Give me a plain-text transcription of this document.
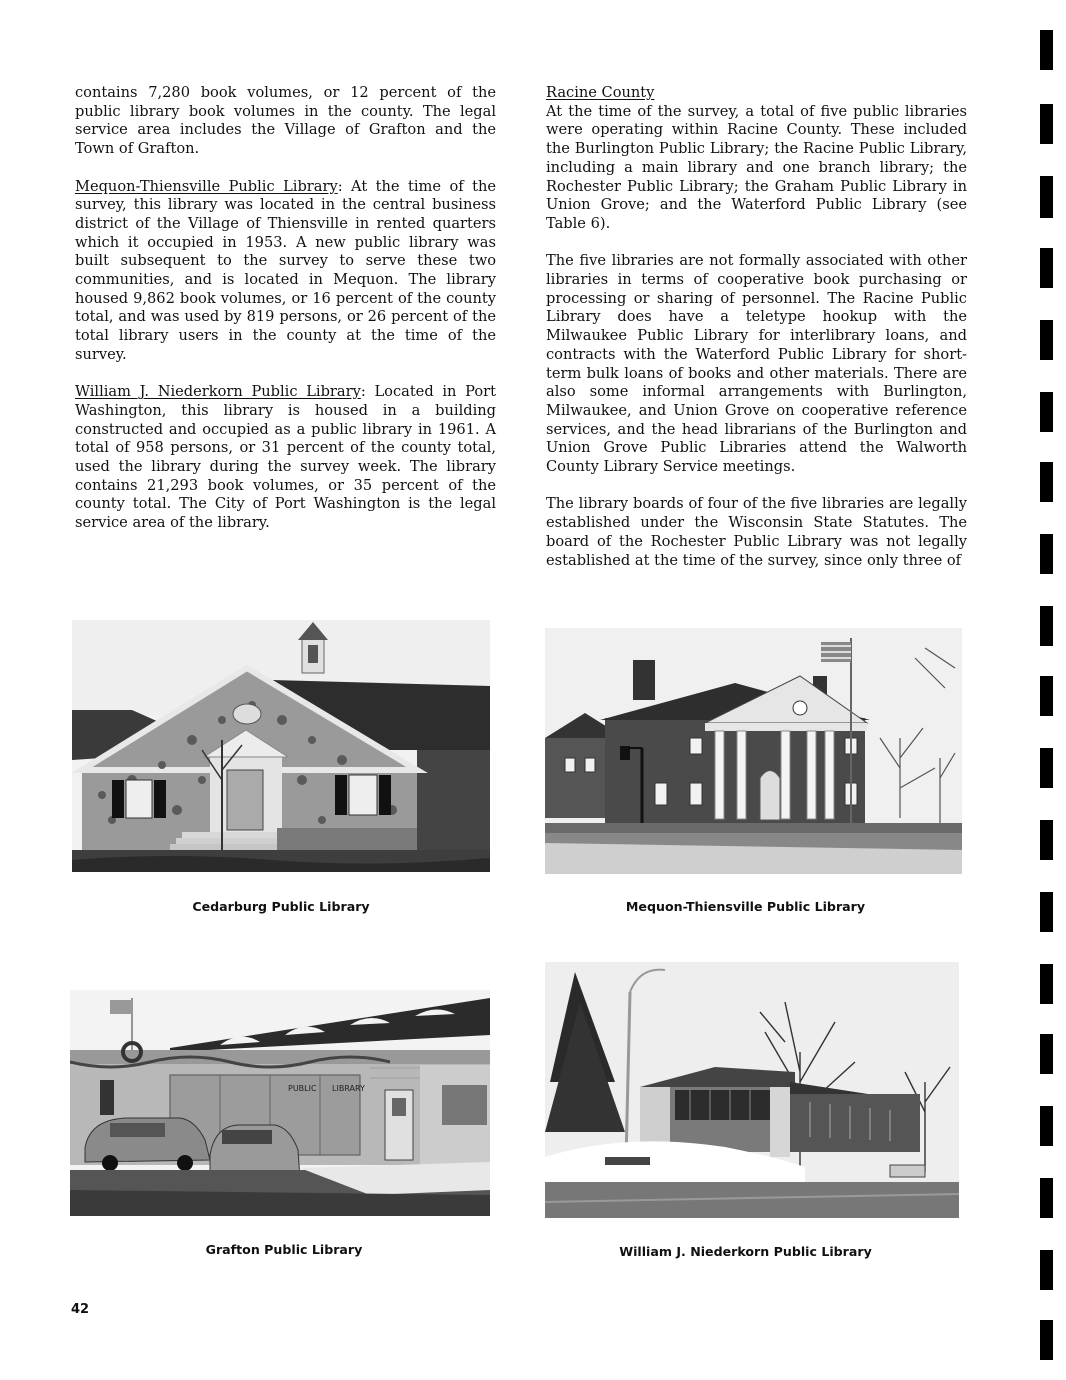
contains 7,280 book volumes, or 12 percent of the public library book volumes in the county. The legal service area includes the Village of Grafton and the Town of Grafton.

Mequon-Thiensville Public Library: At the time of the survey, this library was located in the central business district of the Village of Thiensville in rented quarters which it occupied in 1953. A new public library was built subsequent to the survey to serve these two communities, and is located in Mequon. The library housed 9,862 book volumes, or 16 percent of the county total, and was used by 819 persons, or 26 percent of the total library users in the county at the time of the survey.

William J. Niederkorn Public Library: Located in Port Washington, this library is housed in a building constructed and occupied as a public library in 1961. A total of 958 persons, or 31 percent of the county total, used the library during the survey week. The library contains 21,293 book volumes, or 35 percent of the county total. The City of Port Washington is the legal service area of the library.

Racine County

At the time of the survey, a total of five public libraries were operating within Racine County. These included the Burlington Public Library; the Racine Public Library, including a main library and one branch library; the Rochester Public Library; the Graham Public Library in Union Grove; and the Waterford Public Library (see Table 6).

The five libraries are not formally associated with other libraries in terms of cooperative book purchasing or processing or sharing of personnel. The Racine Public Library does have a teletype hookup with the Milwaukee Public Library for interlibrary loans, and contracts with the Waterford Public Library for short-term bulk loans of books and other materials. There are also some informal arrangements with Burlington, Milwaukee, and Union Grove on cooperative reference services, and the head librarians of the Burlington and Union Grove Public Libraries attend the Walworth County Library Service meetings.

The library boards of four of the five libraries are legally established under the Wisconsin State Statutes. The board of the Rochester Public Library was not legally established at the time of the survey, since only three of

Cedarburg Public Library	Mequon-Thiensville Public Library
PUBLIC LIBRARY
Grafton Public Library	William J. Niederkorn Public Library
42
